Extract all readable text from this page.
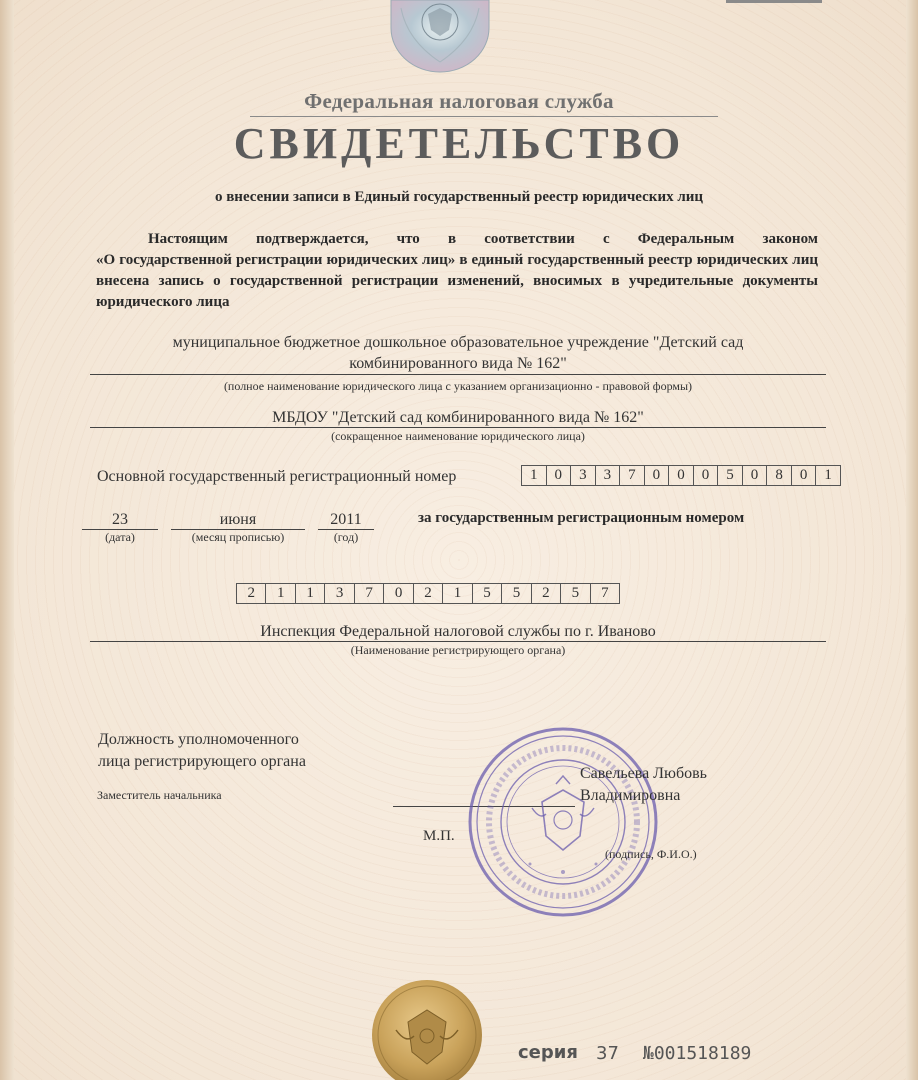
Федеральная налоговая служба
СВИДЕТЕЛЬСТВО
о внесении записи в Единый государственный реестр юридических лиц
Настоящим подтверждается, что в соответствии с Федеральным законом
«О государственной регистрации юридических лиц» в единый государственный реестр юридических лиц внесена запись о государственной регистрации изменений, вносимых в учредительные документы юридического лица
муниципальное бюджетное дошкольное образовательное учреждение "Детский сад
комбинированного вида № 162"
(полное наименование юридического лица с указанием организационно - правовой формы)
МБДОУ "Детский сад комбинированного вида № 162"
(сокращенное наименование юридического лица)
Основной государственный регистрационный номер	1	0	3	3	7	0	0	0	5	0	8	0	1
23
(дата)
июня
(месяц прописью)
2011
(год)
за государственным регистрационным номером
2	1	1	3	7	0	2	1	5	5	2	5	7
Инспекция Федеральной налоговой службы по г. Иваново
(Наименование регистрирующего органа)
Должность уполномоченного
лица регистрирующего органа
Заместитель начальника
М.П.
Савельева Любовь
Владимировна
(подпись, Ф.И.О.)
серия 37 №001518189
